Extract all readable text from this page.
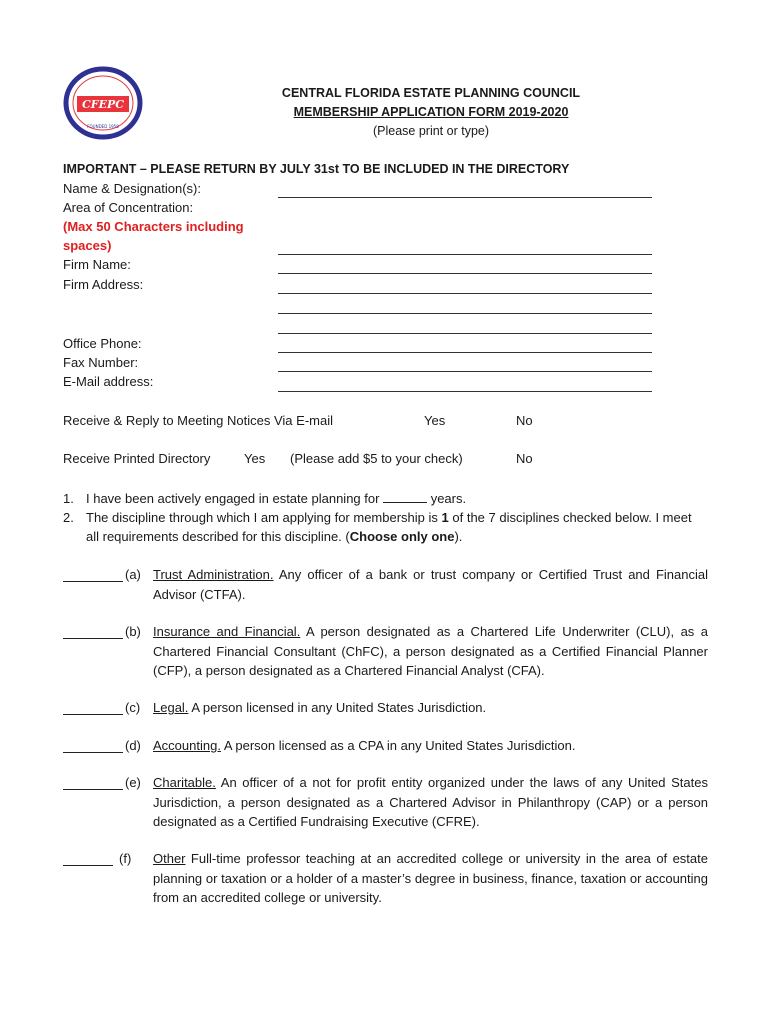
CFEPC
FOUNDED 1958
CENTRAL FLORIDA ESTATE PLANNING COUNCIL
MEMBERSHIP APPLICATION FORM 2019-2020
(Please print or type)
IMPORTANT – PLEASE RETURN BY JULY 31st TO BE INCLUDED IN THE DIRECTORY
Name & Designation(s):
Area of Concentration:
(Max 50 Characters including
spaces)
Firm Name:
Firm Address:
Office Phone:
Fax Number:
E-Mail address:
Receive & Reply to Meeting Notices Via E-mail	Yes	No
Receive Printed Directory	Yes (Please add $5 to your check)	No
1. I have been actively engaged in estate planning for	years.
2. The discipline through which I am applying for membership is 1 of the 7 disciplines checked below. I meet all requirements described for this discipline. (Choose only one).
(a) Trust Administration. Any officer of a bank or trust company or Certified Trust and Financial Advisor (CTFA).
(b) Insurance and Financial. A person designated as a Chartered Life Underwriter (CLU), as a Chartered Financial Consultant (ChFC), a person designated as a Certified Financial Planner (CFP), a person designated as a Chartered Financial Analyst (CFA).
(c) Legal. A person licensed in any United States Jurisdiction.
(d) Accounting. A person licensed as a CPA in any United States Jurisdiction.
(e) Charitable. An officer of a not for profit entity organized under the laws of any United States Jurisdiction, a person designated as a Chartered Advisor in Philanthropy (CAP) or a person designated as a Certified Fundraising Executive (CFRE).
(f) Other Full-time professor teaching at an accredited college or university in the area of estate planning or taxation or a holder of a master’s degree in business, finance, taxation or accounting from an accredited college or university.
